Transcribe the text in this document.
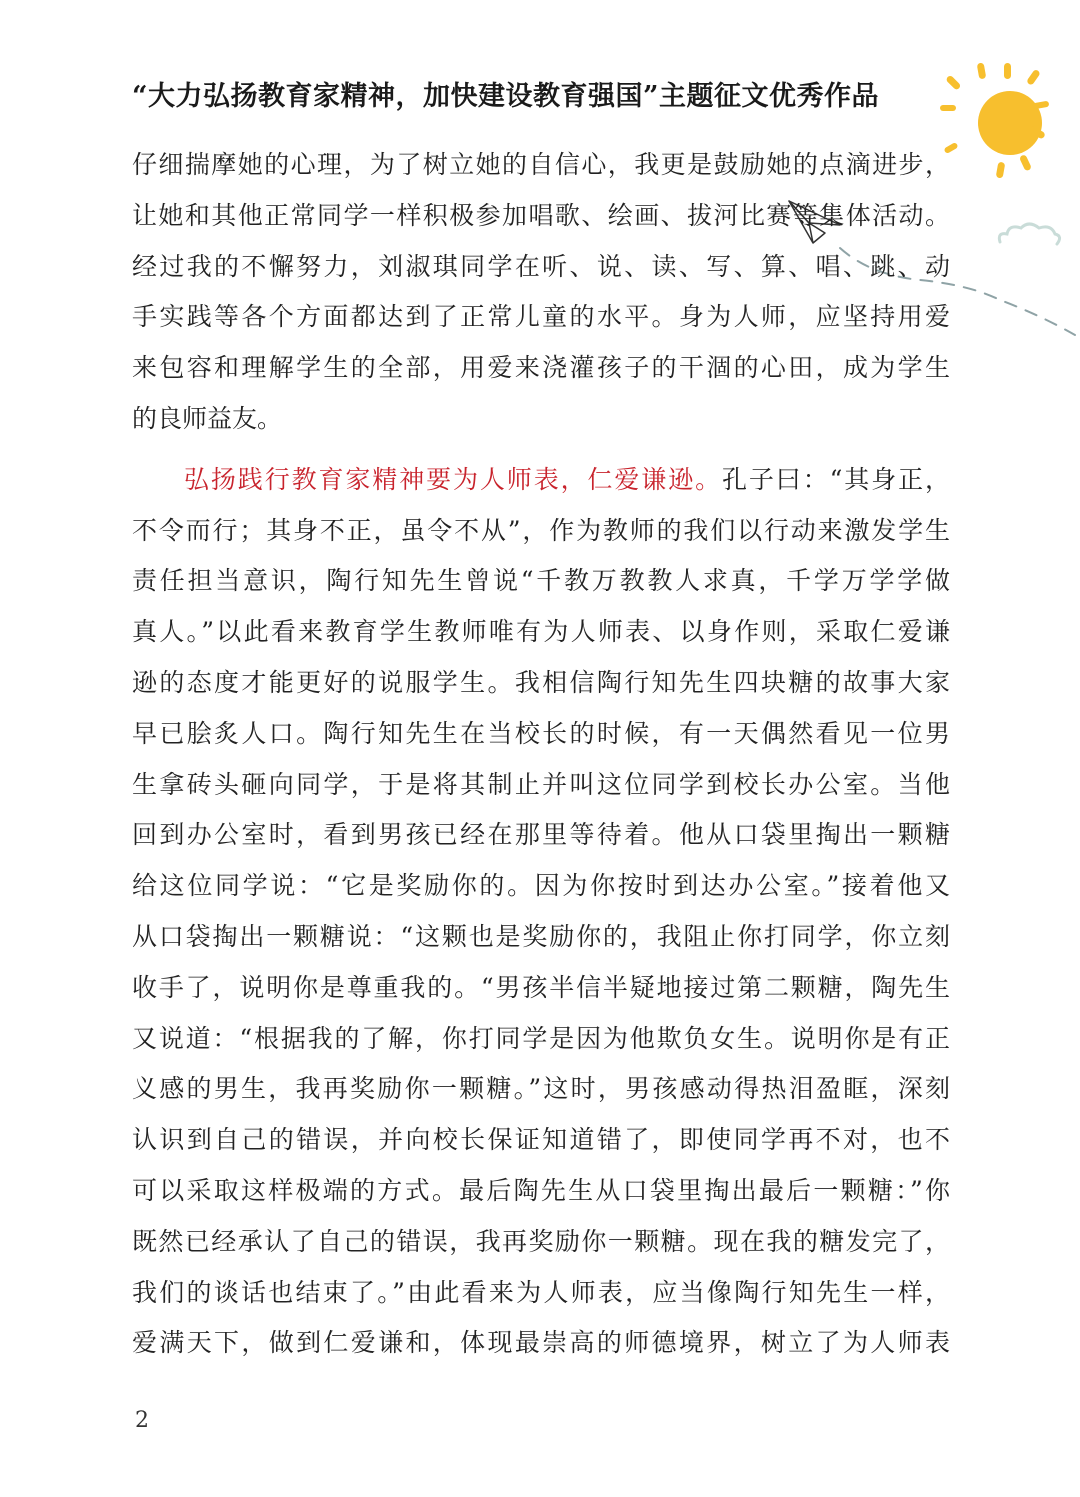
“大力弘扬教育家精神，加快建设教育强国”主题征文优秀作品
仔细揣摩她的心理，为了树立她的自信心，我更是鼓励她的点滴进步，
让她和其他正常同学一样积极参加唱歌、绘画、拔河比赛等集体活动。
经过我的不懈努力，刘淑琪同学在听、说、读、写、算、唱、跳、动
手实践等各个方面都达到了正常儿童的水平。身为人师，应坚持用爱
来包容和理解学生的全部，用爱来浇灌孩子的干涸的心田，成为学生
的良师益友。
弘扬践行教育家精神要为人师表，仁爱谦逊。孔子曰：“其身正，
不令而行；其身不正，虽令不从”，作为教师的我们以行动来激发学生
责任担当意识，陶行知先生曾说“千教万教教人求真，千学万学学做
真人。”以此看来教育学生教师唯有为人师表、以身作则，采取仁爱谦
逊的态度才能更好的说服学生。我相信陶行知先生四块糖的故事大家
早已脍炙人口。陶行知先生在当校长的时候，有一天偶然看见一位男
生拿砖头砸向同学，于是将其制止并叫这位同学到校长办公室。当他
回到办公室时，看到男孩已经在那里等待着。他从口袋里掏出一颗糖
给这位同学说：“它是奖励你的。因为你按时到达办公室。”接着他又
从口袋掏出一颗糖说：“这颗也是奖励你的，我阻止你打同学，你立刻
收手了，说明你是尊重我的。“男孩半信半疑地接过第二颗糖，陶先生
又说道：“根据我的了解，你打同学是因为他欺负女生。说明你是有正
义感的男生，我再奖励你一颗糖。”这时，男孩感动得热泪盈眶，深刻
认识到自己的错误，并向校长保证知道错了，即使同学再不对，也不
可以采取这样极端的方式。最后陶先生从口袋里掏出最后一颗糖：”你
既然已经承认了自己的错误，我再奖励你一颗糖。现在我的糖发完了，
我们的谈话也结束了。”由此看来为人师表，应当像陶行知先生一样，
爱满天下，做到仁爱谦和，体现最崇高的师德境界，树立了为人师表
2
